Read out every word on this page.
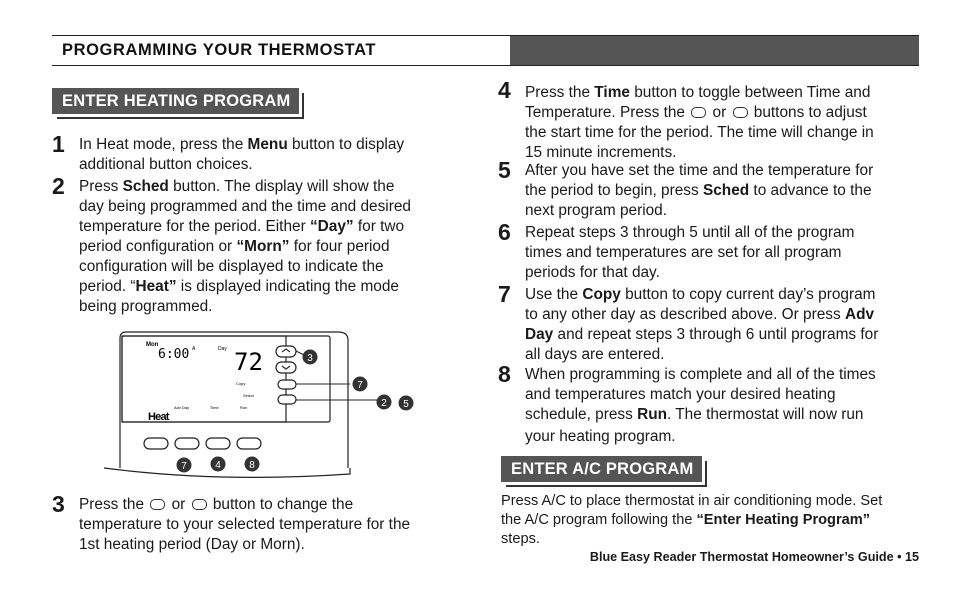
PROGRAMMING YOUR THERMOSTAT
ENTER HEATING PROGRAM
1 In Heat mode, press the Menu button to display
additional button choices.
2 Press Sched button. The display will show the
day being programmed and the time and desired
temperature for the period. Either “Day” for two
period configuration or “Morn” for four period
configuration will be displayed to indicate the
period. “Heat” is displayed indicating the mode
being programmed.
Mon
6:00 A	Day 72
Copy
Select
Adv Day	Time	Run
Heat
3
7
2 5
7	4	8
3 Press the  or  button to change the
temperature to your selected temperature for the
1st heating period (Day or Morn).
4 Press the Time button to toggle between Time and
Temperature. Press the  or  buttons to adjust
the start time for the period. The time will change in
15 minute increments.
5 After you have set the time and the temperature for
the period to begin, press Sched to advance to the
next program period.
6 Repeat steps 3 through 5 until all of the program
times and temperatures are set for all program
periods for that day.
7 Use the Copy button to copy current day’s program
to any other day as described above. Or press Adv
Day and repeat steps 3 through 6 until programs for
all days are entered.
8 When programming is complete and all of the times
and temperatures match your desired heating
schedule, press Run. The thermostat will now run
your heating program.
ENTER A/C PROGRAM
Press A/C to place thermostat in air conditioning mode. Set
the A/C program following the “Enter Heating Program”
steps.
Blue Easy Reader Thermostat Homeowner’s Guide • 15
